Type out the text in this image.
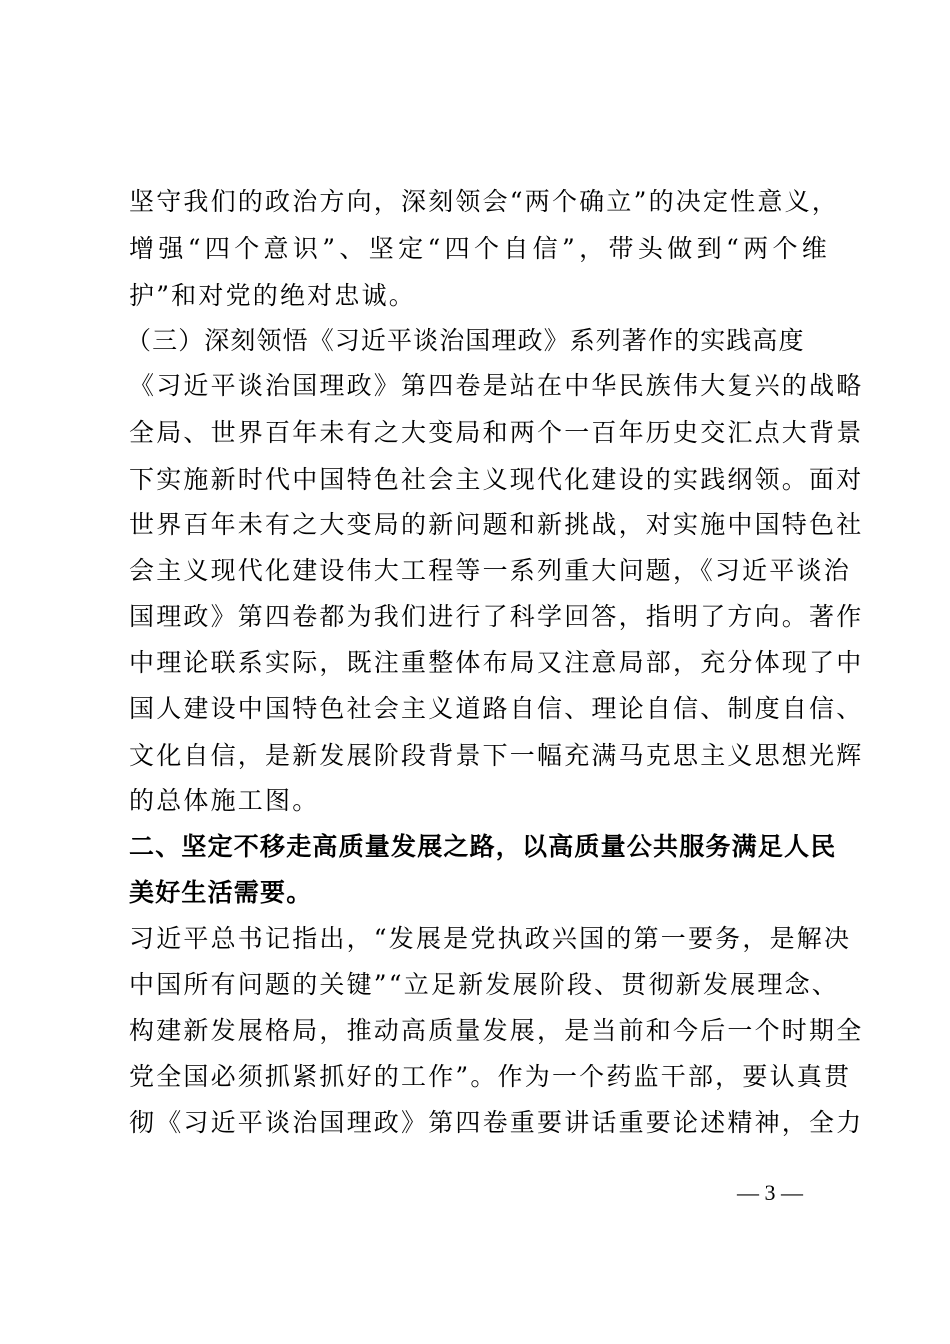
坚守我们的政治方向，深刻领会“两个确立”的决定性意义，
增强“四个意识”、坚定“四个自信”，带头做到“两个维
护”和对党的绝对忠诚。
（三）深刻领悟《习近平谈治国理政》系列著作的实践高度
《习近平谈治国理政》第四卷是站在中华民族伟大复兴的战略
全局、世界百年未有之大变局和两个一百年历史交汇点大背景
下实施新时代中国特色社会主义现代化建设的实践纲领。面对
世界百年未有之大变局的新问题和新挑战，对实施中国特色社
会主义现代化建设伟大工程等一系列重大问题，《习近平谈治
国理政》第四卷都为我们进行了科学回答，指明了方向。著作
中理论联系实际，既注重整体布局又注意局部，充分体现了中
国人建设中国特色社会主义道路自信、理论自信、制度自信、
文化自信，是新发展阶段背景下一幅充满马克思主义思想光辉
的总体施工图。
二、坚定不移走高质量发展之路，以高质量公共服务满足人民
美好生活需要。
习近平总书记指出，“发展是党执政兴国的第一要务，是解决
中国所有问题的关键”“立足新发展阶段、贯彻新发展理念、
构建新发展格局，推动高质量发展，是当前和今后一个时期全
党全国必须抓紧抓好的工作”。作为一个药监干部，要认真贯
彻《习近平谈治国理政》第四卷重要讲话重要论述精神，全力
— 3 —
